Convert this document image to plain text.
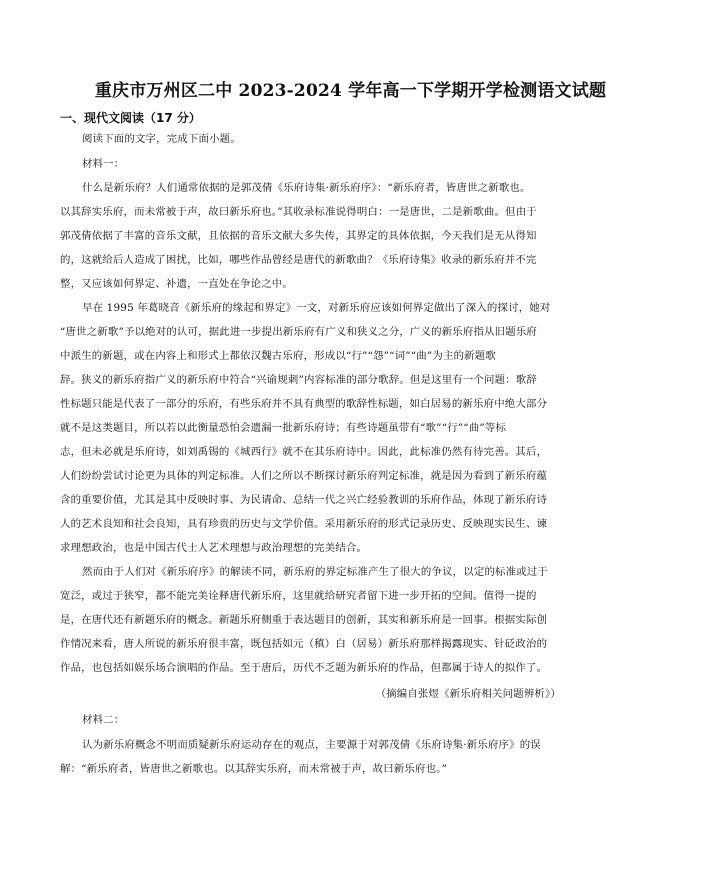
重庆市万州区二中 2023-2024 学年高一下学期开学检测语文试题
一、现代文阅读（17 分）
阅读下面的文字，完成下面小题。
材料一：
什么是新乐府？人们通常依据的是郭茂倩《乐府诗集·新乐府序》：“新乐府者，皆唐世之新歌也。
以其辞实乐府，而未常被于声，故曰新乐府也。”其收录标准说得明白：一是唐世，二是新歌曲。但由于
郭茂倩依据了丰富的音乐文献，且依据的音乐文献大多失传，其界定的具体依据，今天我们是无从得知
的，这就给后人造成了困扰，比如，哪些作品曾经是唐代的新歌曲？《乐府诗集》收录的新乐府并不完
整，又应该如何界定、补遗，一直处在争论之中。
早在 1995 年葛晓音《新乐府的缘起和界定》一文，对新乐府应该如何界定做出了深入的探讨，她对
“唐世之新歌”予以绝对的认可，据此进一步提出新乐府有广义和狭义之分，广义的新乐府指从旧题乐府
中派生的新题，或在内容上和形式上都依汉魏古乐府，形成以“行”“怨”“词”“曲”为主的新题歌
辞。狭义的新乐府指广义的新乐府中符合“兴谕规刺”内容标准的部分歌辞。但是这里有一个问题：歌辞
性标题只能是代表了一部分的乐府，有些乐府并不具有典型的歌辞性标题，如白居易的新乐府中绝大部分
就不是这类题目，所以若以此衡量恐怕会遗漏一批新乐府诗；有些诗题虽带有“歌”“行”“曲”等标
志，但未必就是乐府诗，如刘禹锡的《城西行》就不在其乐府诗中。因此，此标准仍然有待完善。其后，
人们纷纷尝试讨论更为具体的判定标准。人们之所以不断探讨新乐府判定标准，就是因为看到了新乐府蕴
含的重要价值，尤其是其中反映时事、为民请命、总结一代之兴亡经验教训的乐府作品，体现了新乐府诗
人的艺术良知和社会良知，具有珍贵的历史与文学价值。采用新乐府的形式记录历史、反映现实民生、谏
求理想政治，也是中国古代士人艺术理想与政治理想的完美结合。
然而由于人们对《新乐府序》的解读不同，新乐府的界定标准产生了很大的争议，以定的标准或过于
宽泛，或过于狭窄，都不能完美诠释唐代新乐府，这里就给研究者留下进一步开拓的空间。值得一提的
是，在唐代还有新题乐府的概念。新题乐府侧重于表达题目的创新，其实和新乐府是一回事。根据实际创
作情况来看，唐人所说的新乐府很丰富，既包括如元（稹）白（居易）新乐府那样揭露现实、针砭政治的
作品，也包括如娱乐场合演唱的作品。至于唐后，历代不乏题为新乐府的作品，但都属于诗人的拟作了。
（摘编自张煜《新乐府相关问题辨析》）
材料二：
认为新乐府概念不明而质疑新乐府运动存在的观点，主要源于对郭茂倩《乐府诗集·新乐府序》的误
解：“新乐府者，皆唐世之新歌也。以其辞实乐府，而未常被于声，故曰新乐府也。”
